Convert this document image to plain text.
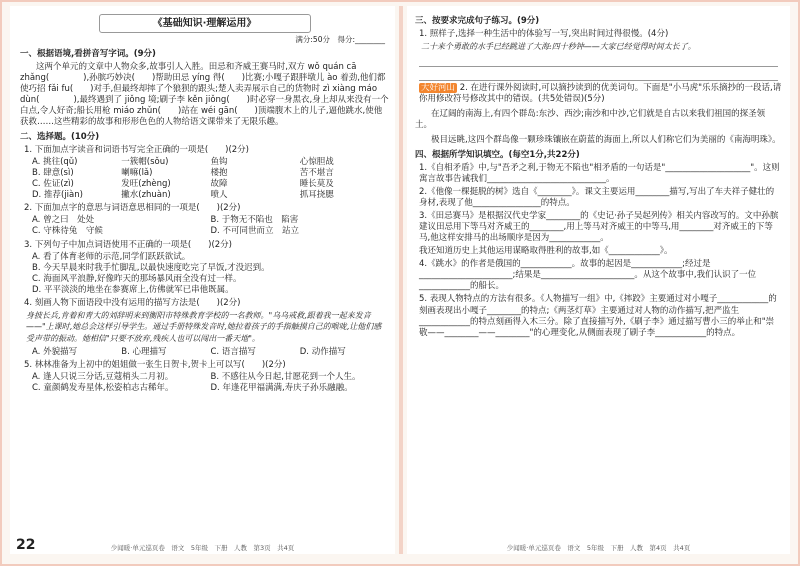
《基础知识·理解运用》
满分:50分　得分:________
一、根据语境,看拼音写字词。(9分)
这两个单元的文章中人物众多,故事引人入胜。田忌和齐威王赛马时,双方 wǒ quán cā zhǎng(　　　　),孙膑巧妙决(　　)帮助田忌 yíng 得(　　)比赛;小嘎子跟胖墩儿 ào 着劲,他们都使巧招 fǎi fu(　　)对手,但最终却摔了个狼狈的跟头;楚人卖弄展示自己的货物时 zì xiàng máo dùn(　　　　),最终遇到了 jiǒng 境;刷子李 kěn jiǒng(　　)时必穿一身黑衣,身上却从来没有一个白点,令人好奇;船长用枪 miáo zhǔn(　　)站在 wéi gān(　　)顶端腹木上的儿子,逼他跳水,使他获救……这些精彩的故事和形形色色的人物给语文课带来了无限乐趣。
二、选择题。(10分)
1. 下面加点字读音和词语书写完全正确的一项是(　　)(2分)
A. 挑往(qǔ)	一簇帽(sǒu)	鱼钩	心惊胆战
B. 肆意(sì)	喇嘛(lǎ)	楼抱	苦不堪言
C. 佐证(zì)	发旺(zhèng)	故障	睡长莫及
D. 推荐(jiàn)	撇水(zhuàn)	喷人	抓耳挠腮
2. 下面加点字的意思与词语意思相同的一项是(　　)(2分)
A. 曾之曰　处处	B. 于物无不陷也　陷害
C. 守株待兔　守候	D. 不可同世而立　站立
3. 下列句子中加点词语使用不正确的一项是(　　)(2分)
A. 看了体育老师的示范,同学们跃跃欲试。
B. 今天早晨来时我手忙脚乱,以最快速度吃完了早饭,才没迟到。
C. 海面风平浪静,好像昨天的那场暴风雨全没有过一样。
D. 平平淡淡的地坐在参赛席上,仿佛就军已串他既属。
4. 刻画人物下面语段中没有运用的描写方法是(　　)(2分)
身披长兵,肯着和青大的刘辞明来到衡阳市特殊教育学校的一名教师。"乌乌戒救,跟着我一起来发音——"上课时,她总会这样引导学生。通过手册特殊发音时,她拉着孩子的手指触摸自己的喉咙,让他们感受声带的振动。她相信"只要不放弃,残疾人也可以闯出一番天地"。
A. 外貌描写	B. 心理描写	C. 语言描写	D. 动作描写
5. 林林准备为上初中的姐姐做一张生日贺卡,贺卡上可以写(　　)(2分)
A. 逢人只说三分话,豆蔻梢头二月初。	B. 不感往从今日起,甘愿花到一个人生。
C. 童颜鹤发寿星体,松姿柏志古稀年。	D. 年逢花甲福满满,寿庆子孙乐融融。
22	少闻暖·单元巡页卷　语文　5年级　下册　人教　第3页　共4页
三、按要求完成句子练习。(9分)
1. 照样子,选择一种生活中的体验写一写,突出时间过得很慢。(4分)
二十来个勇敢的水手已经跳进了大海:四十秒钟——大家已经觉得时间太长了。
大好河山 2. 在进行课外阅读时,可以摘抄读到的优美词句。下面是"小马虎"乐乐摘抄的一段话,请你用修改符号修改其中的错误。(共5处错误)(5分)
在辽阔的南海上,有四个群岛:东沙、西沙;南沙和中沙,它们就是自古以来我们祖国的探圣领土。
极目远眺,这四个群岛像一颗珍珠镶嵌在蔚蓝的海面上,所以人们称它们为美丽的《南海明珠》。
四、根据所学知识填空。(每空1分,共22分)
1.《自相矛盾》中,与"吾矛之利,于物无不陷也"相矛盾的一句话是"____________________"。这则寓言故事告诫我们____________________________。
2.《他像一棵挺脱的树》选自《________》。课文主要运用________描写,写出了车夫祥子健壮的身材,表现了他________________的特点。
3.《田忌赛马》是根据汉代史学家________的《史记·孙子吴起列传》相关内容改写的。文中孙膑建议田忌用下等马对齐威王的________,用上等马对齐威王的中等马,用________对齐威王的下等马,他这样安排马的出场顺序是因为____________。
我还知道历史上其他运用谋略取得胜利的故事,如《____________》。
4.《跳水》的作者是俄国的____________。故事的起因是____________;经过是______________________;结果是______________________。从这个故事中,我们认识了一位____________的船长。
5. 表现人物特点的方法有很多。《人物描写一组》中,《摔跤》主要通过对小嘎子____________的刻画表现出小嘎子________的特点;《两茎灯草》主要通过对人物的动作描写,把严监生____________的特点刻画得入木三分。除了直接描写外,《刷子李》通过描写曹小三的举止和"崇敬——________——________"的心理变化,从侧面表现了刷子李____________的特点。
少闻暖·单元巡页卷　语文　5年级　下册　人教　第4页　共4页
